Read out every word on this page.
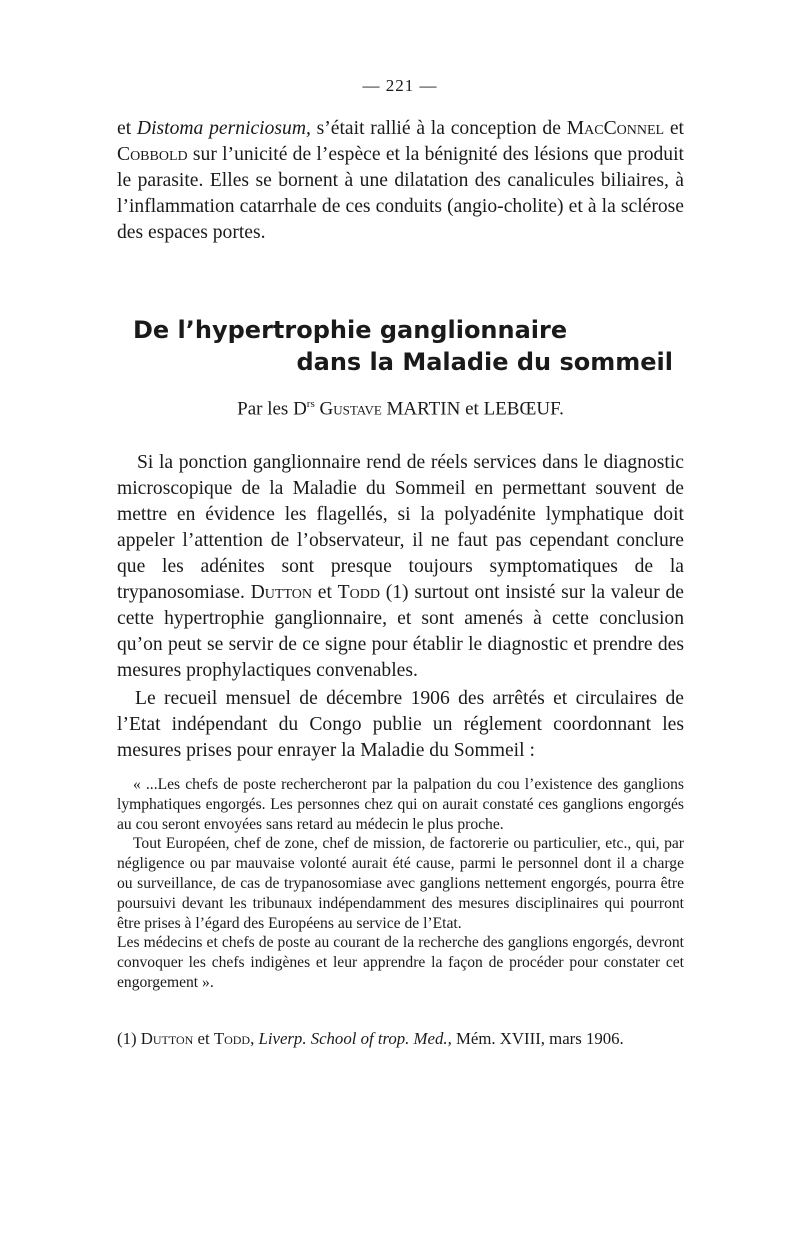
— 221 —

et Distoma perniciosum, s’était rallié à la conception de MacConnel et Cobbold sur l’unicité de l’espèce et la bénignité des lésions que produit le parasite. Elles se bornent à une dilatation des canalicules biliaires, à l’inflammation catarrhale de ces conduits (angio-cholite) et à la sclérose des espaces portes.

De l’hypertrophie ganglionnaire
dans la Maladie du sommeil

Par les $D^{rs}$ Gustave MARTIN et LEBŒUF.

Si la ponction ganglionnaire rend de réels services dans le diagnostic microscopique de la Maladie du Sommeil en permettant souvent de mettre en évidence les flagellés, si la polyadénite lymphatique doit appeler l’attention de l’observateur, il ne faut pas cependant conclure que les adénites sont presque toujours symptomatiques de la trypanosomiase. Dutton et Todd (1) surtout ont insisté sur la valeur de cette hypertrophie ganglionnaire, et sont amenés à cette conclusion qu’on peut se servir de ce signe pour établir le diagnostic et prendre des mesures prophylactiques convenables.

Le recueil mensuel de décembre 1906 des arrêtés et circulaires de l’Etat indépendant du Congo publie un réglement coordonnant les mesures prises pour enrayer la Maladie du Sommeil :

« ...Les chefs de poste rechercheront par la palpation du cou l’existence des ganglions lymphatiques engorgés. Les personnes chez qui on aurait constaté ces ganglions engorgés au cou seront envoyées sans retard au médecin le plus proche.

Tout Européen, chef de zone, chef de mission, de factorerie ou particulier, etc., qui, par négligence ou par mauvaise volonté aurait été cause, parmi le personnel dont il a charge ou surveillance, de cas de trypanosomiase avec ganglions nettement engorgés, pourra être poursuivi devant les tribunaux indépendamment des mesures disciplinaires qui pourront être prises à l’égard des Européens au service de l’Etat.

Les médecins et chefs de poste au courant de la recherche des ganglions engorgés, devront convoquer les chefs indigènes et leur apprendre la façon de procéder pour constater cet engorgement ».

(1) Dutton et Todd, Liverp. School of trop. Med., Mém. XVIII, mars 1906.
